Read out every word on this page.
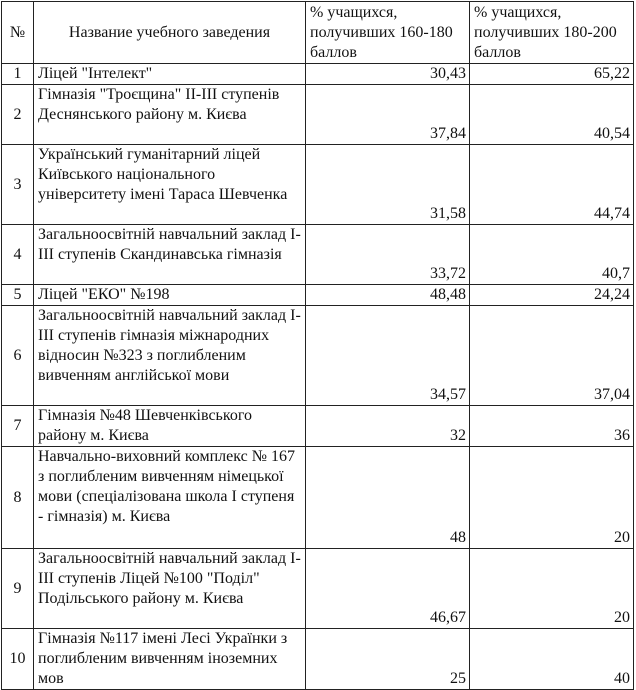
№	Название учебного заведения	% учащихся, получивших 160-180 баллов	% учащихся, получивших 180-200 баллов
1	Ліцей "Інтелект"	30,43	65,22
2	Гімназія "Троєщина" ІІ-ІІІ ступенів Деснянського району м. Києва	37,84	40,54
3	Український гуманітарний ліцей Київського національного університету імені Тараса Шевченка	31,58	44,74
4	Загальноосвітній навчальний заклад І-ІІІ ступенів Скандинавська гімназія	33,72	40,7
5	Ліцей "ЕКО" №198	48,48	24,24
6	Загальноосвітній навчальний заклад І-ІІІ ступенів гімназія міжнародних відносин №323 з поглибленим вивченням англійської мови	34,57	37,04
7	Гімназія №48 Шевченківського району м. Києва	32	36
8	Навчально-виховний комплекс № 167 з поглибленим вивченням німецької мови (спеціалізована школа І ступеня - гімназія) м. Києва	48	20
9	Загальноосвітній навчальний заклад І-ІІІ ступенів Ліцей №100 "Поділ" Подільського району м. Києва	46,67	20
10	Гімназія №117 імені Лесі Українки з поглибленим вивченням іноземних мов	25	40
